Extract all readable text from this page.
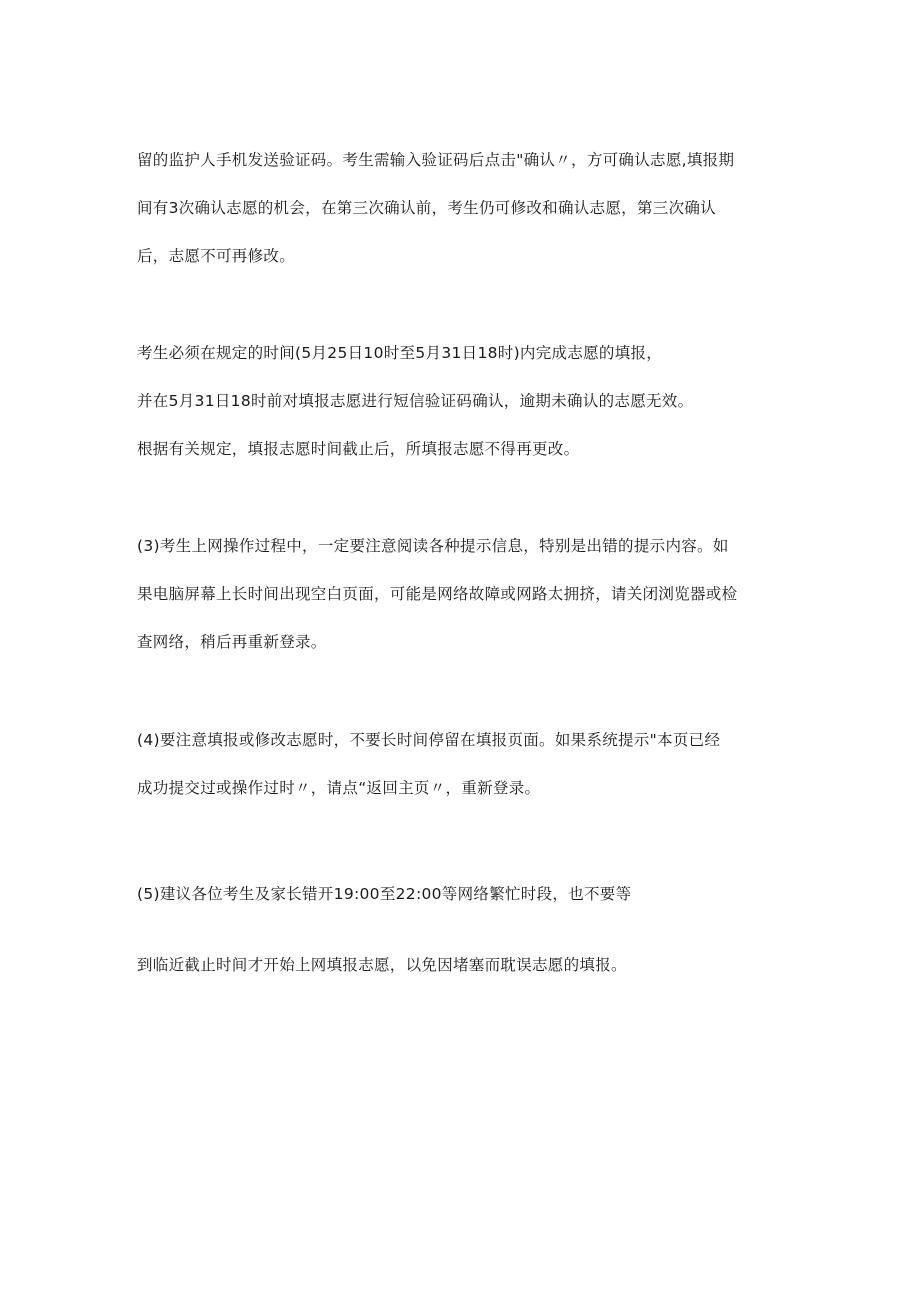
留的监护人手机发送验证码。考生需输入验证码后点击"确认〃，方可确认志愿,填报期
间有3次确认志愿的机会，在第三次确认前，考生仍可修改和确认志愿，第三次确认
后，志愿不可再修改。
考生必须在规定的时间(5月25日10时至5月31日18时)内完成志愿的填报，
并在5月31日18时前对填报志愿进行短信验证码确认，逾期未确认的志愿无效。
根据有关规定，填报志愿时间截止后，所填报志愿不得再更改。
(3)考生上网操作过程中，一定要注意阅读各种提示信息，特别是出错的提示内容。如
果电脑屏幕上长时间出现空白页面，可能是网络故障或网路太拥挤，请关闭浏览器或检
查网络，稍后再重新登录。
(4)要注意填报或修改志愿时，不要长时间停留在填报页面。如果系统提示"本页已经
成功提交过或操作过时〃，请点“返回主页〃，重新登录。
(5)建议各位考生及家长错开19:00至22:00等网络繁忙时段，也不要等
到临近截止时间才开始上网填报志愿，以免因堵塞而耽误志愿的填报。
